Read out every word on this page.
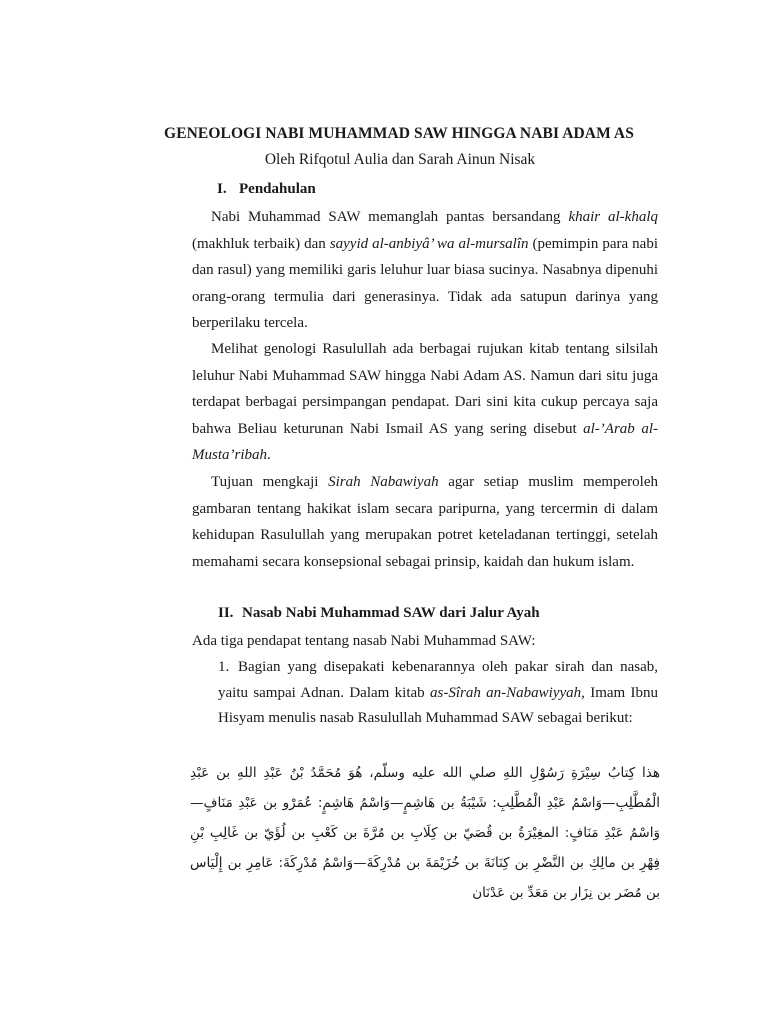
GENEOLOGI NABI MUHAMMAD SAW HINGGA NABI ADAM AS
Oleh Rifqotul Aulia dan Sarah Ainun Nisak
I. Pendahulan

Nabi Muhammad SAW memanglah pantas bersandang khair al-khalq (makhluk terbaik) dan sayyid al-anbiyâ’ wa al-mursalîn (pemimpin para nabi dan rasul) yang memiliki garis leluhur luar biasa sucinya. Nasabnya dipenuhi orang-orang termulia dari generasinya. Tidak ada satupun darinya yang berperilaku tercela.

Melihat genologi Rasulullah ada berbagai rujukan kitab tentang silsilah leluhur Nabi Muhammad SAW hingga Nabi Adam AS. Namun dari situ juga terdapat berbagai persimpangan pendapat. Dari sini kita cukup percaya saja bahwa Beliau keturunan Nabi Ismail AS yang sering disebut al-’Arab al-Musta’ribah.

Tujuan mengkaji Sirah Nabawiyah agar setiap muslim memperoleh gambaran tentang hakikat islam secara paripurna, yang tercermin di dalam kehidupan Rasulullah yang merupakan potret keteladanan tertinggi, setelah memahami secara konsepsional sebagai prinsip, kaidah dan hukum islam.

II. Nasab Nabi Muhammad SAW dari Jalur Ayah

Ada tiga pendapat tentang nasab Nabi Muhammad SAW:

1. Bagian yang disepakati kebenarannya oleh pakar sirah dan nasab, yaitu sampai Adnan. Dalam kitab as-Sîrah an-Nabawiyyah, Imam Ibnu Hisyam menulis nasab Rasulullah Muhammad SAW sebagai berikut:

هذا كِتابُ سِيْرَةِ رَسُوْلِ اللهِ صلي الله عليه وسلّم، هُوَ مُحَمَّدُ بْنُ عَبْدِ اللهِ بن عَبْدِ الْمُطَّلِبِ—وَاسْمُ عَبْدِ الْمُطَّلِبِ: شَيْبَةُ بن هَاشِمٍ—وَاسْمُ هَاشِمٍ: عُمَرْو بن عَبْدِ مَنَافٍ—وَاسْمُ عَبْدِ مَنَافٍ: المغِيْرَةُ بن قُصَيّ بن كِلَابِ بن مُرَّةَ بن كَعْبِ بن لُؤَيّ بن غَالِبِ بْنِ فِهْرِ بن مالِكِ بن النَّضْرِ بن كِنَانَةَ بن خُزَيْمَةَ بن مُدْرِكَةَ—وَاسْمُ مُدْرِكَةَ: عَامِرِ بن إِلْيَاس بن مُضَر بن نِزَار بن مَعَدِّ بن عَدْنَان
